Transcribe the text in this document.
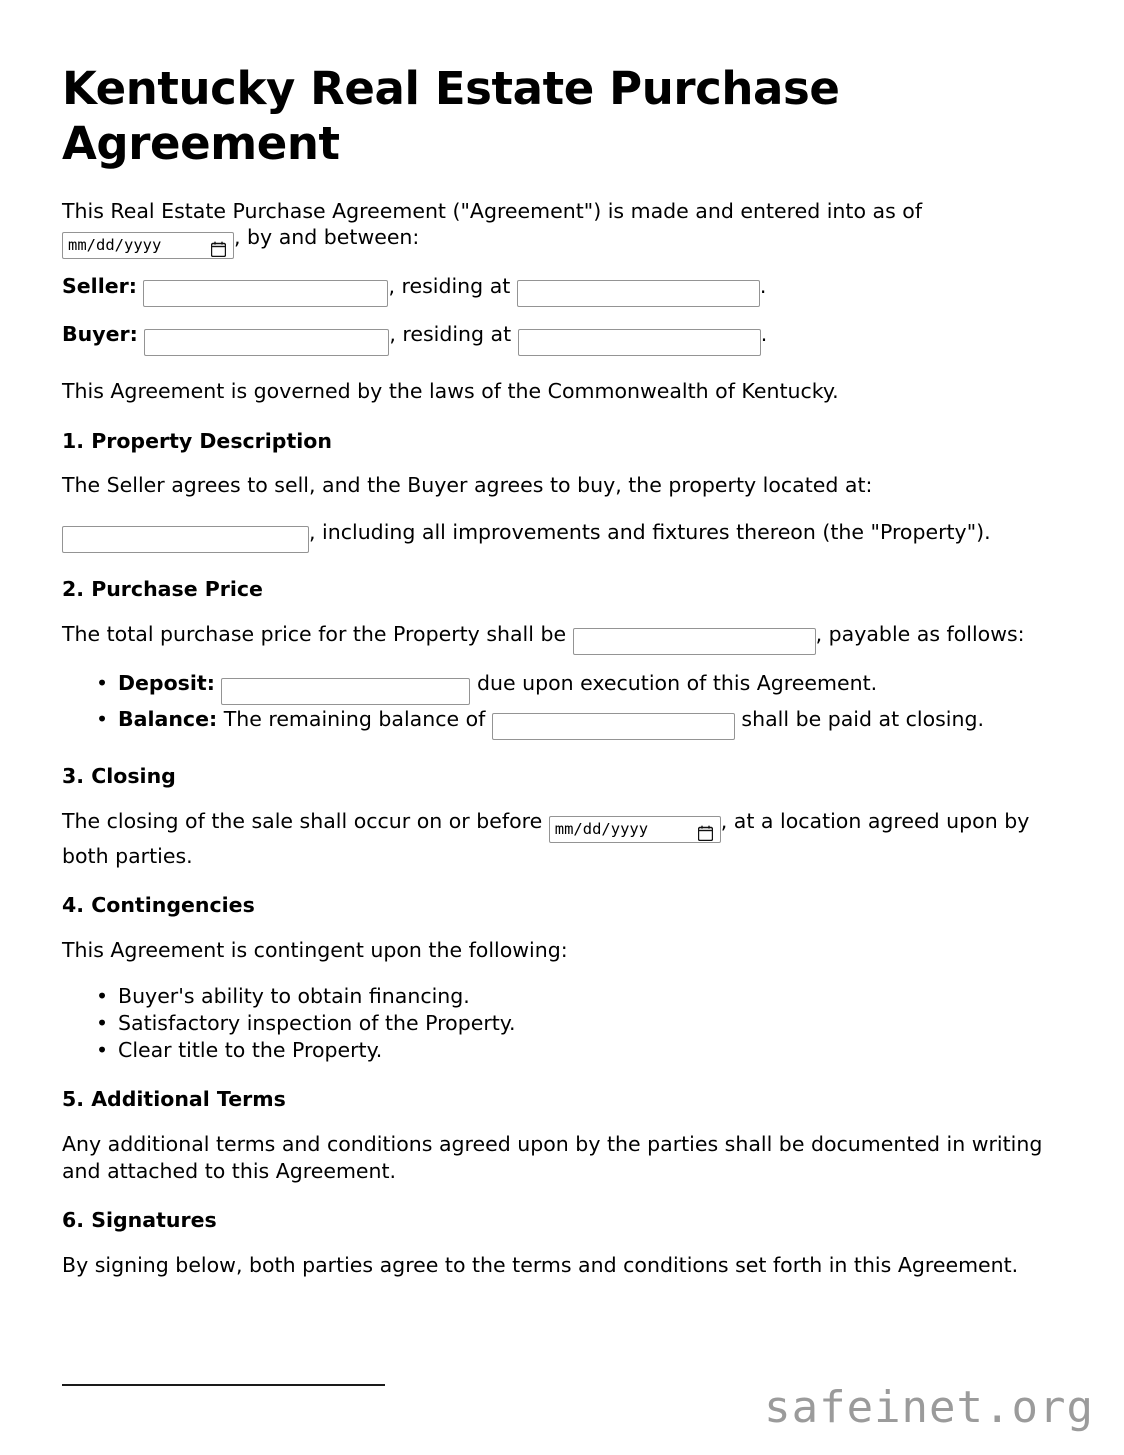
Kentucky Real Estate Purchase Agreement

This Real Estate Purchase Agreement ("Agreement") is made and entered into as of

mm/dd/yyyy
, by and between:

Seller:	, residing at	.

Buyer:	, residing at	.

This Agreement is governed by the laws of the Commonwealth of Kentucky.

1. Property Description

The Seller agrees to sell, and the Buyer agrees to buy, the property located at:

, including all improvements and fixtures thereon (the "Property").

2. Purchase Price

The total purchase price for the Property shall be	, payable as follows:

• Deposit:	due upon execution of this Agreement.
• Balance: The remaining balance of	shall be paid at closing.
3. Closing

The closing of the sale shall occur on or before
mm/dd/yyyy	, at a location agreed upon by both parties.

4. Contingencies

This Agreement is contingent upon the following:

• Buyer's ability to obtain financing.
• Satisfactory inspection of the Property.
• Clear title to the Property.
5. Additional Terms

Any additional terms and conditions agreed upon by the parties shall be documented in writing and attached to this Agreement.

6. Signatures

By signing below, both parties agree to the terms and conditions set forth in this Agreement.

safeinet.org
